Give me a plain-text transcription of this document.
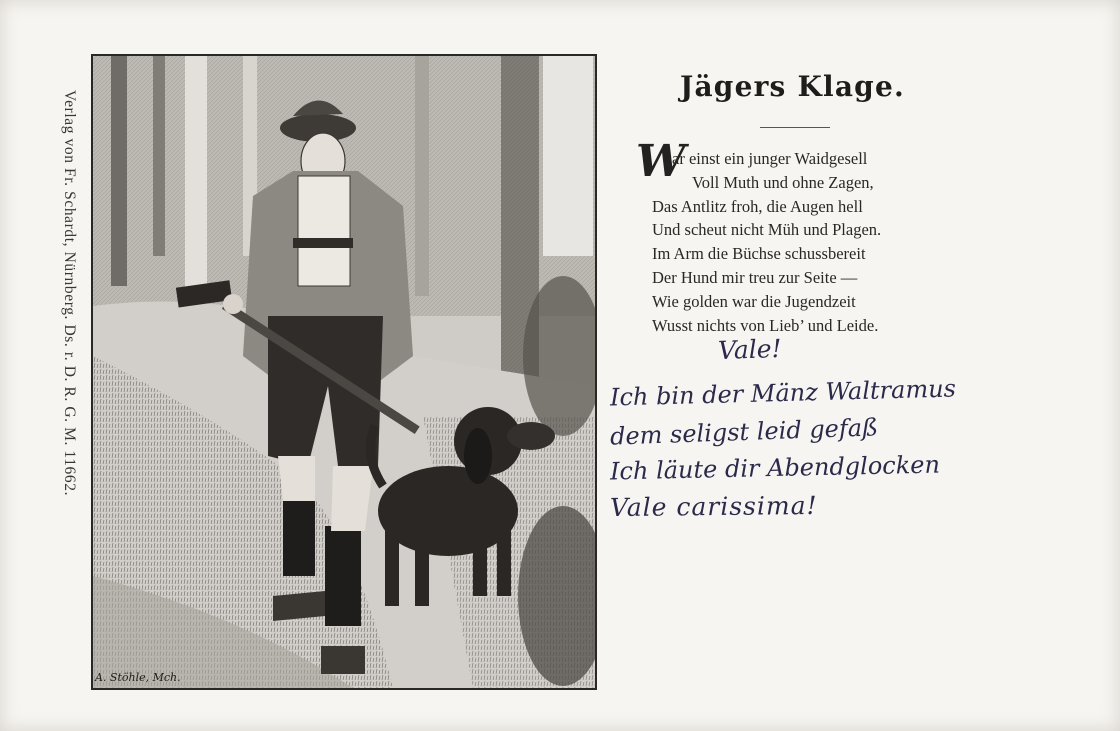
Verlag von Fr. Schardt, Nürnberg. Ds. r. D. R. G. M. 11662.
A. Stöhle, Mch.
Jägers Klage.
W
ar einst ein junger Waidgesell
Voll Muth und ohne Zagen,
Das Antlitz froh, die Augen hell
Und scheut nicht Müh und Plagen.
Im Arm die Büchse schussbereit
Der Hund mir treu zur Seite —
Wie golden war die Jugendzeit
Wusst nichts von Lieb’ und Leide.
Vale!
Ich bin der Mänz Waltramus
dem seligst leid gefaß
Ich läute dir Abendglocken
Vale carissima!
